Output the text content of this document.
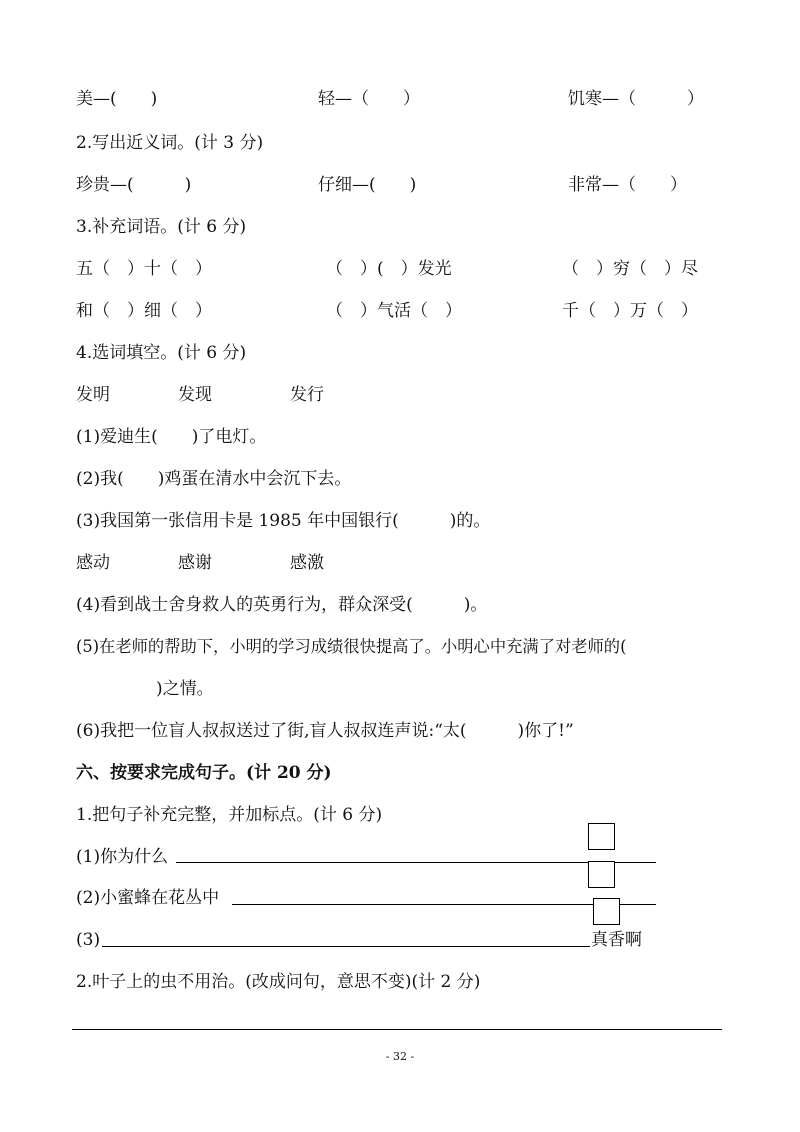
美—(　　)	轻—（　　）	饥寒—（　　　）
2.写出近义词。(计 3 分)
珍贵—(　　　)	仔细—(　　)	非常—（　　）
3.补充词语。(计 6 分)
五（　）十（　）	（　）(　）发光	（　）穷（　）尽
和（　）细（　）	（　）气活（　）	千（　）万（　）
4.选词填空。(计 6 分)
发明	发现	发行
(1)爱迪生(　　)了电灯。
(2)我(　　)鸡蛋在清水中会沉下去。
(3)我国第一张信用卡是 1985 年中国银行(　　　)的。
感动	感谢	感激
(4)看到战士舍身救人的英勇行为，群众深受(　　　)。
(5)在老师的帮助下，小明的学习成绩很快提高了。小明心中充满了对老师的(
)之情。
(6)我把一位盲人叔叔送过了街,盲人叔叔连声说:“太(　　　)你了!”
六、按要求完成句子。(计 20 分)
1.把句子补充完整，并加标点。(计 6 分)
(1)你为什么
(2)小蜜蜂在花丛中
(3)	真香啊
2.叶子上的虫不用治。(改成问句，意思不变)(计 2 分)
- 32 -
